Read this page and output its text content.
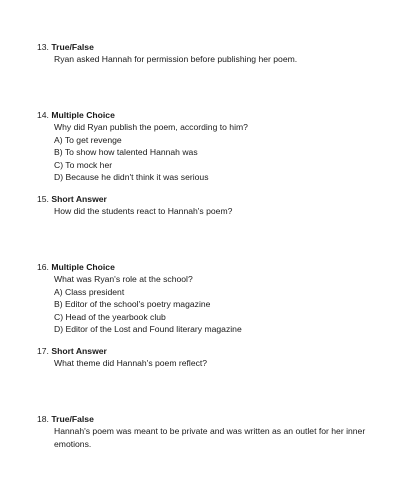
13. True/False

Ryan asked Hannah for permission before publishing her poem.

14. Multiple Choice

Why did Ryan publish the poem, according to him?

A) To get revenge
B) To show how talented Hannah was
C) To mock her
D) Because he didn't think it was serious

15. Short Answer

How did the students react to Hannah's poem?

16. Multiple Choice

What was Ryan's role at the school?

A) Class president
B) Editor of the school's poetry magazine
C) Head of the yearbook club
D) Editor of the Lost and Found literary magazine

17. Short Answer

What theme did Hannah's poem reflect?

18. True/False

Hannah's poem was meant to be private and was written as an outlet for her inner emotions.
